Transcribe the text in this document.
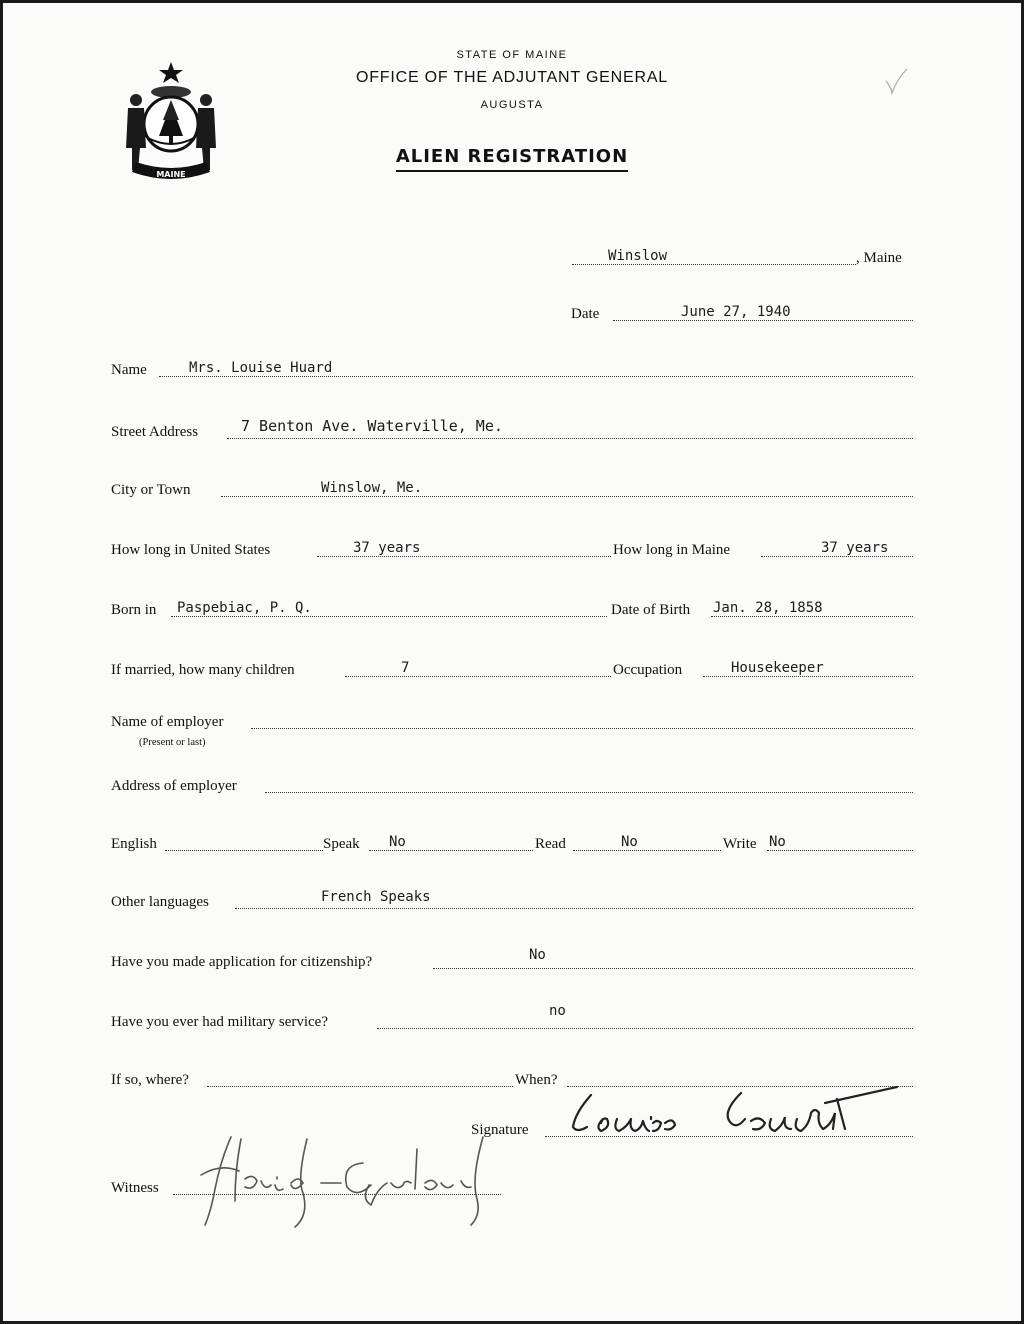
MAINE
STATE OF MAINE
OFFICE OF THE ADJUTANT GENERAL
AUGUSTA
ALIEN REGISTRATION
Winslow	, Maine
Date	June 27, 1940
Name	Mrs. Louise Huard
Street Address	7 Benton Ave. Waterville, Me.
City or Town	Winslow, Me.
How long in United States	37 years	How long in Maine	37 years
Born in Paspebiac, P. Q.	Date of Birth Jan. 28, 1858
If married, how many children	7	Occupation	Housekeeper
Name of employer
(Present or last)
Address of employer
English	Speak No	Read	No	Write No
Other languages	French Speaks
Have you made application for citizenship?	No
Have you ever had military service?
no
If so, where?	When?
Signature
Witness
